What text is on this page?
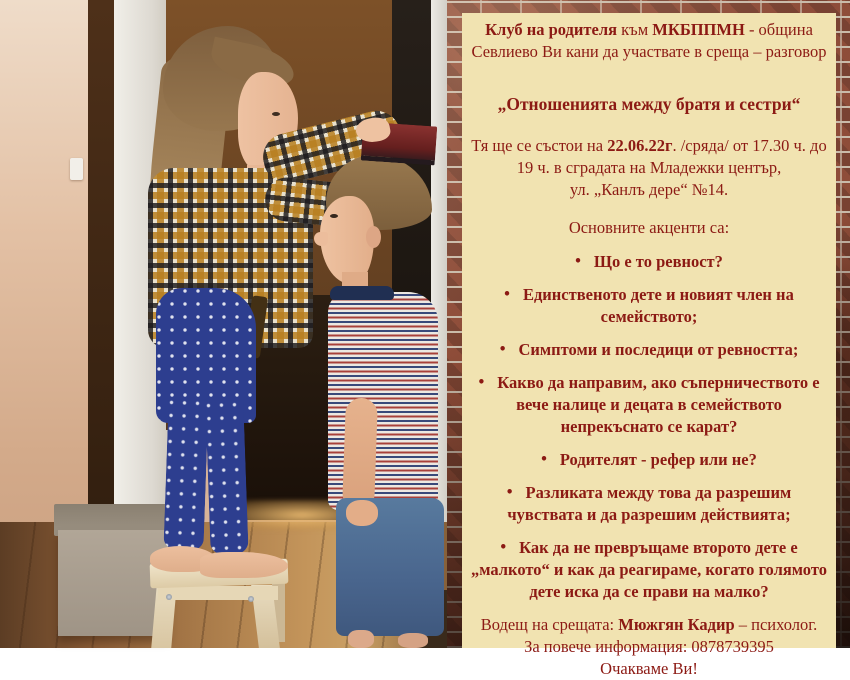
Клуб на родителя към МКБППМН - община Севлиево Ви кани да участвате в среща – разговор
„Отношенията между братя и сестри“
Тя ще се състои на 22.06.22г. /сряда/ от 17.30 ч. до 19 ч. в сградата на Младежки център,
ул. „Канлъ дере“ №14.
Основните акценти са:
• Що е то ревност?
• Единственото дете и новият член на семейството;
• Симптоми и последици от ревността;
• Какво да направим, ако съперничеството е вече налице и децата в семейството непрекъснато се карат?
• Родителят - рефер или не?
• Разликата между това да разрешим чувствата и да разрешим действията;
• Как да не превръщаме второто дете е „малкото“ и как да реагираме, когато голямото дете иска да се прави на малко?
Водещ на срещата: Мюжгян Кадир – психолог.
За повече информация: 0878739395
Очакваме Ви!
